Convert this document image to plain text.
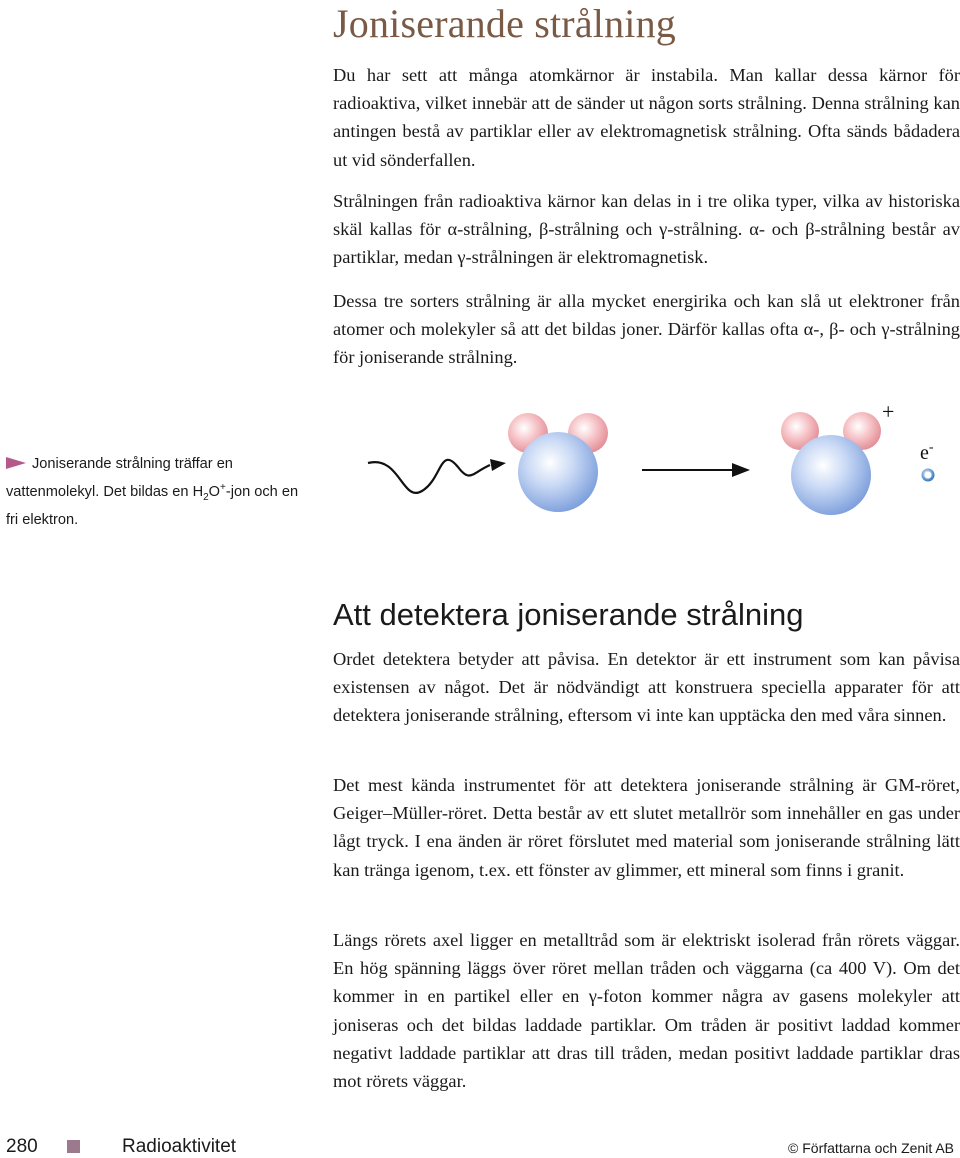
Joniserande strålning

Du har sett att många atomkärnor är instabila. Man kallar dessa kärnor för radioaktiva, vilket innebär att de sänder ut någon sorts strålning. Denna strålning kan antingen bestå av partiklar eller av elektromagnetisk strålning. Ofta sänds bådadera ut vid sönderfallen.

Strålningen från radioaktiva kärnor kan delas in i tre olika typer, vilka av historiska skäl kallas för α-strålning, β-strålning och γ-strålning. α- och β-strålning består av partiklar, medan γ-strålningen är elektromagnetisk.

Dessa tre sorters strålning är alla mycket energirika och kan slå ut elektroner från atomer och molekyler så att det bildas joner. Därför kallas ofta α-, β- och γ-strålning för joniserande strålning.

Joniserande strålning träffar en vattenmolekyl. Det bildas en $H_2O^+$-jon och en fri elektron.
+
e-
Att detektera joniserande strålning

Ordet detektera betyder att påvisa. En detektor är ett instrument som kan påvisa existensen av något. Det är nödvändigt att konstruera speciella apparater för att detektera joniserande strålning, eftersom vi inte kan upptäcka den med våra sinnen.

Det mest kända instrumentet för att detektera joniserande strålning är GM-röret, Geiger–Müller-röret. Detta består av ett slutet metallrör som innehåller en gas under lågt tryck. I ena änden är röret förslutet med material som joniserande strålning lätt kan tränga igenom, t.ex. ett fönster av glimmer, ett mineral som finns i granit.

Längs rörets axel ligger en metalltråd som är elektriskt isolerad från rörets väggar. En hög spänning läggs över röret mellan tråden och väggarna (ca 400 V). Om det kommer in en partikel eller en γ-foton kommer några av gasens molekyler att joniseras och det bildas laddade partiklar. Om tråden är positivt laddad kommer negativt laddade partiklar att dras till tråden, medan positivt laddade partiklar dras mot rörets väggar.

280	Radioaktivitet	© Författarna och Zenit AB
